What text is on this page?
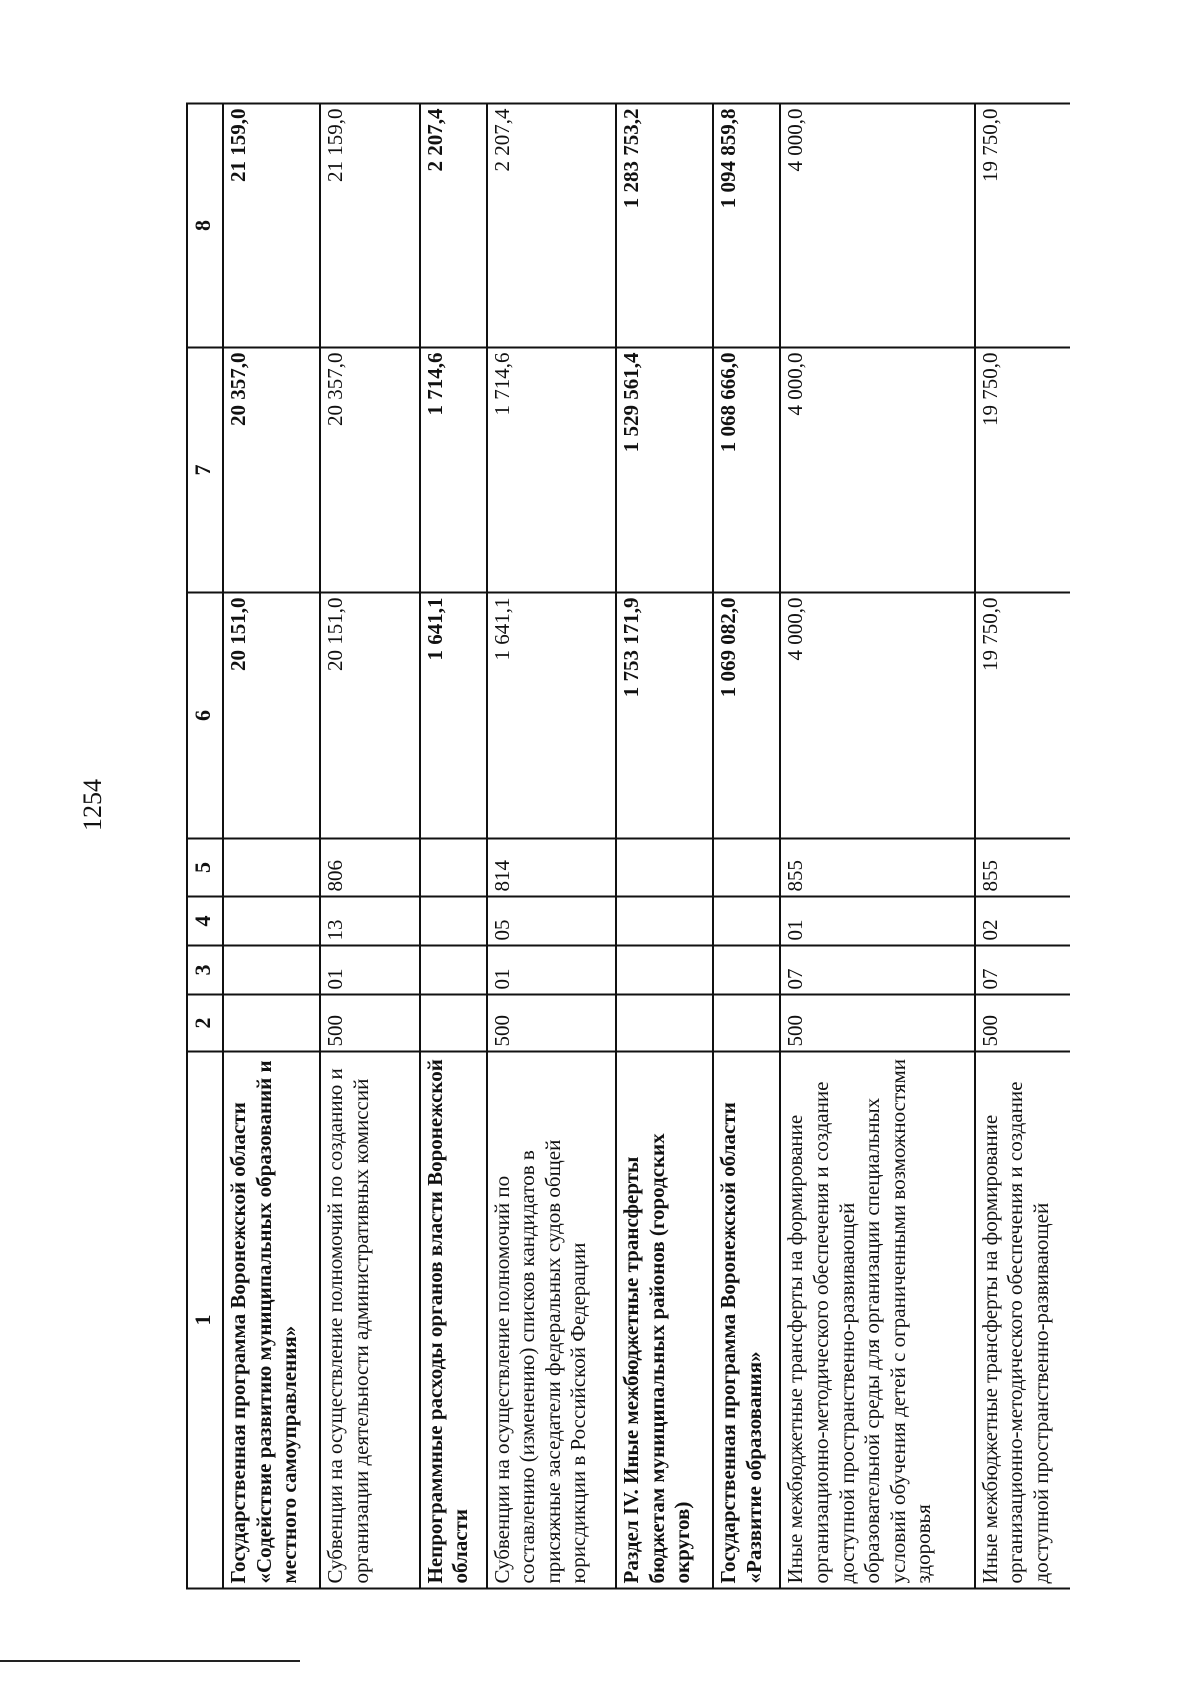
1254
1	2	3	4	5	6	7	8
Государственная программа Воронежской области «Содействие развитию муниципальных образований и местного самоуправления»					20 151,0	20 357,0	21 159,0
Субвенции на осуществление полномочий по созданию и организации деятельности административных комиссий	500	01	13	806	20 151,0	20 357,0	21 159,0
Непрограммные расходы органов власти Воронежской области					1 641,1	1 714,6	2 207,4
Субвенции на осуществление полномочий по составлению (изменению) списков кандидатов в присяжные заседатели федеральных судов общей юрисдикции в Российской Федерации	500	01	05	814	1 641,1	1 714,6	2 207,4
Раздел IV. Иные межбюджетные трансферты бюджетам муниципальных районов (городских округов)					1 753 171,9	1 529 561,4	1 283 753,2
Государственная программа Воронежской области «Развитие образования»					1 069 082,0	1 068 666,0	1 094 859,8
Иные межбюджетные трансферты на формирование организационно-методического обеспечения и создание доступной пространственно-развивающей образовательной среды для организации специальных условий обучения детей с ограниченными возможностями здоровья	500	07	01	855	4 000,0	4 000,0	4 000,0
Иные межбюджетные трансферты на формирование организационно-методического обеспечения и создание доступной пространственно-развивающей	500	07	02	855	19 750,0	19 750,0	19 750,0
